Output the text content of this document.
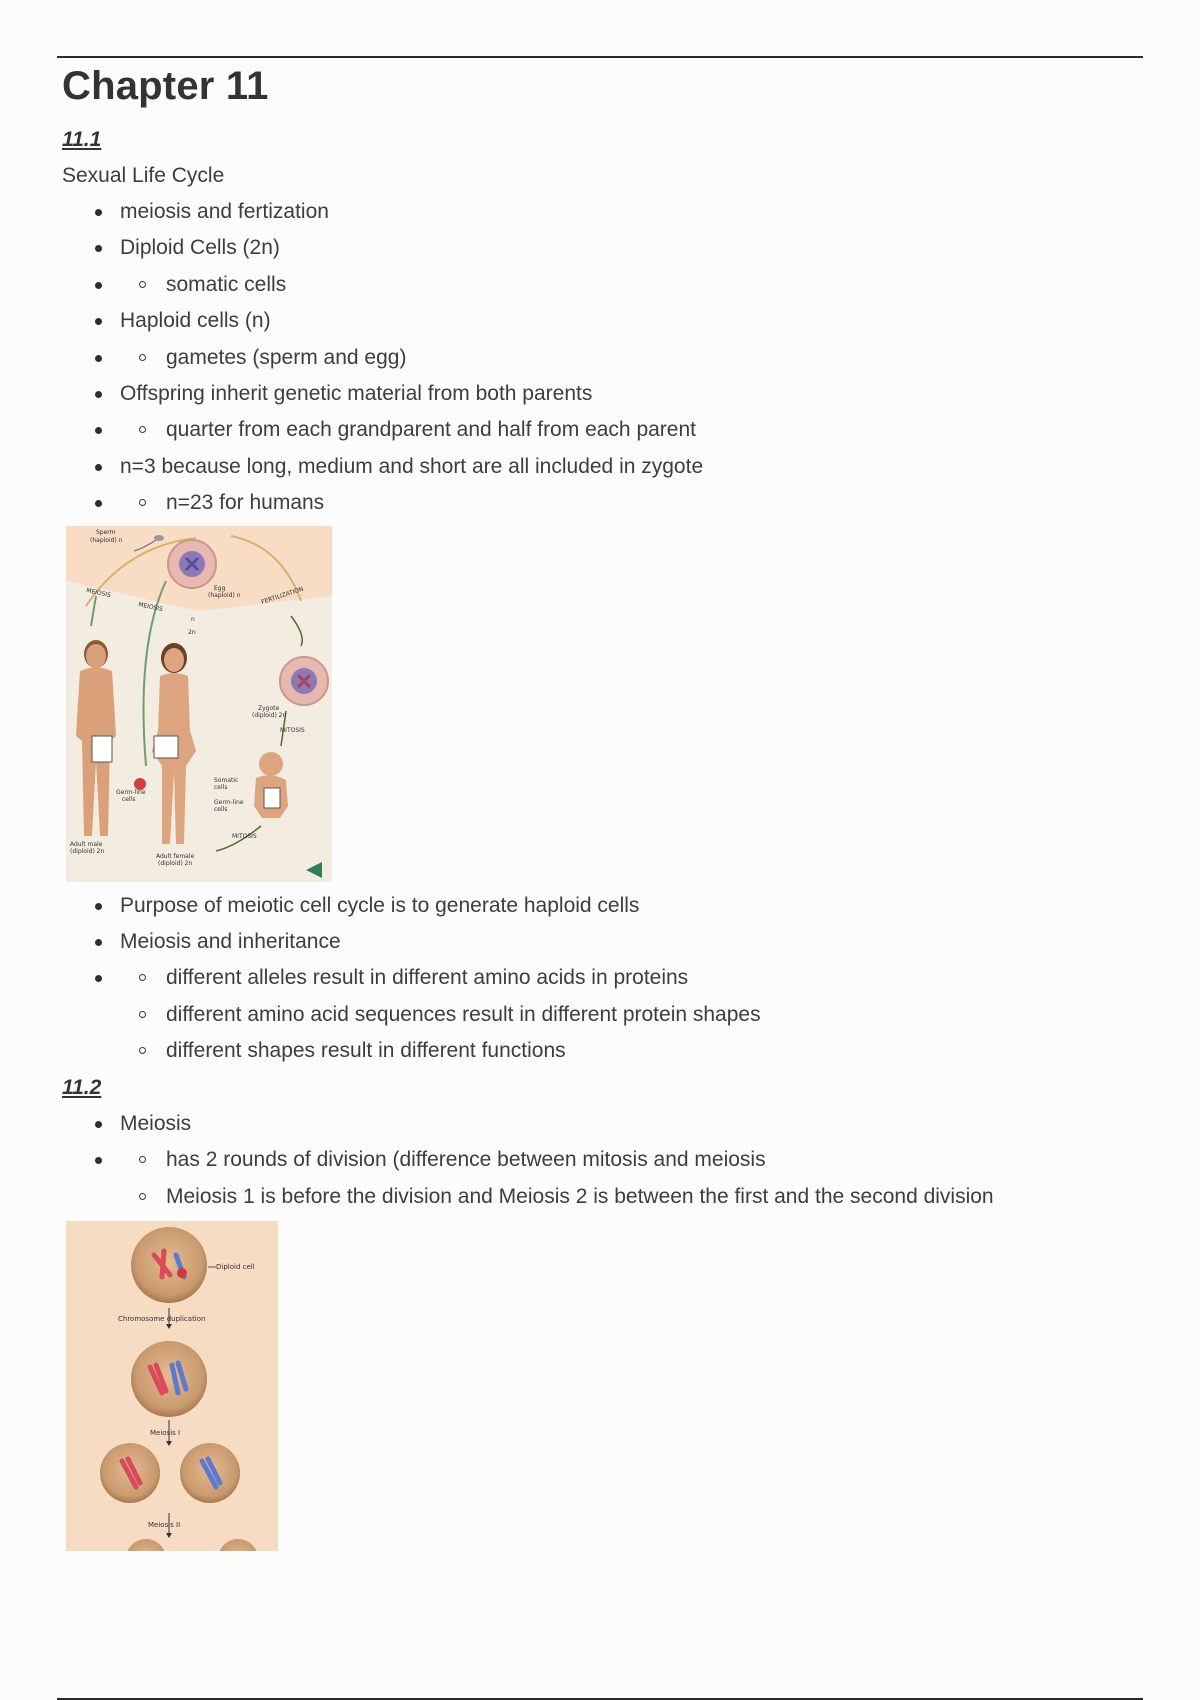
Chapter 11
11.1
Sexual Life Cycle
meiosis and fertization
Diploid Cells (2n)
somatic cells
Haploid cells (n)
gametes (sperm and egg)
Offspring inherit genetic material from both parents
quarter from each grandparent and half from each parent
n=3 because long, medium and short are all included in zygote
n=23 for humans
Sperm
(haploid) n
Egg
(haploid) n
MEIOSIS
MEIOSIS
FERTILIZATION
n
2n
Zygote
(diploid) 2n
MITOSIS
Somatic
cells
Germ-line
cells
Germ-line
cells
MITOSIS
Adult male
(diploid) 2n
Adult female
(diploid) 2n
Purpose of meiotic cell cycle is to generate haploid cells
Meiosis and inheritance
different alleles result in different amino acids in proteins
different amino acid sequences result in different protein shapes
different shapes result in different functions
11.2
Meiosis
has 2 rounds of division (difference between mitosis and meiosis
Meiosis 1 is before the division and Meiosis 2 is between the first and the second division
Diploid cell
Chromosome duplication
Meiosis I
Meiosis II
